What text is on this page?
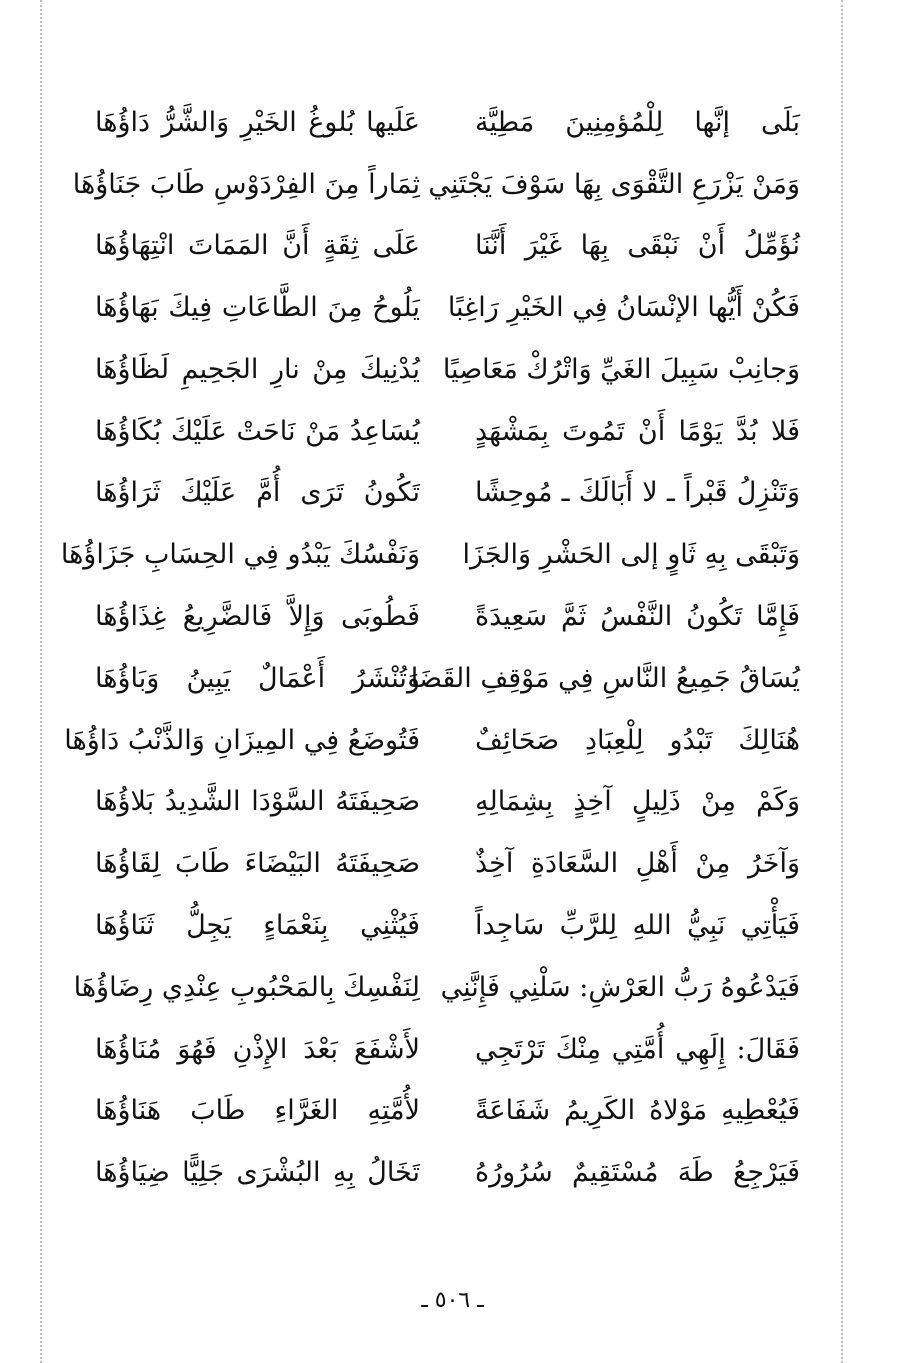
بَلَى إنَّها لِلْمُؤمِنِينَ مَطِيَّة
عَلَيها بُلوغُ الخَيْرِ وَالشَّرُّ دَاؤُهَا
وَمَنْ يَزْرَعِ التَّقْوَى بِهَا سَوْفَ يَجْتَنِي
ثِمَاراً مِنَ الفِرْدَوْسِ طَابَ جَنَاؤُهَا
نُؤَمِّلُ أَنْ نَبْقَى بِهَا غَيْرَ أَنَّنَا
عَلَى ثِقَةٍ أَنَّ المَمَاتَ انْتِهَاؤُهَا
فَكُنْ أَيُّها الإنْسَانُ فِي الخَيْرِ رَاغِبًا
يَلُوحُ مِنَ الطَّاعَاتِ فِيكَ بَهَاؤُهَا
وَجانِبْ سَبِيلَ الغَيِّ وَاتْرُكْ مَعَاصِيًا
يُدْنِيكَ مِنْ نارِ الجَحِيمِ لَظَاؤُهَا
فَلا بُدَّ يَوْمًا أَنْ تَمُوتَ بِمَشْهَدٍ
يُسَاعِدُ مَنْ نَاحَتْ عَلَيْكَ بُكَاؤُهَا
وَتَنْزِلُ قَبْراً ـ لا أَبَالَكَ ـ مُوحِشًا
تَكُونُ تَرَى أُمَّ عَلَيْكَ ثَرَاؤُهَا
وَتَبْقَى بِهِ ثَاوٍ إلى الحَشْرِ وَالجَزَا
وَنَفْسُكَ يَبْدُو فِي الحِسَابِ جَزَاؤُهَا
فَإِمَّا تَكُونُ النَّفْسُ ثَمَّ سَعِيدَةً
فَطُوبَى وَإِلاَّ فَالضَّرِيعُ غِذَاؤُهَا
يُسَاقُ جَمِيعُ النَّاسِ فِي مَوْقِفِ القَضَا
وَتُنْشَرُ أَعْمَالٌ يَبِينُ وَبَاؤُهَا
هُنَالِكَ تَبْدُو لِلْعِبَادِ صَحَائِفٌ
فَتُوضَعُ فِي المِيزَانِ وَالذَّنْبُ دَاؤُهَا
وَكَمْ مِنْ ذَلِيلٍ آخِذٍ بِشِمَالِهِ
صَحِيفَتَهُ السَّوْدَا الشَّدِيدُ بَلاؤُهَا
وَآخَرُ مِنْ أَهْلِ السَّعَادَةِ آخِذٌ
صَحِيفَتَهُ البَيْضَاءَ طَابَ لِقَاؤُهَا
فَيَأْتِي نَبِيُّ اللهِ لِلرَّبِّ سَاجِداً
فَيُثْنِي بِنَعْمَاءٍ يَجِلُّ ثَنَاؤُهَا
فَيَدْعُوهُ رَبُّ العَرْشِ: سَلْنِي فَإِنَّنِي
لِنَفْسِكَ بِالمَحْبُوبِ عِنْدِي رِضَاؤُهَا
فَقَالَ: إِلَهِي أُمَّتِي مِنْكَ تَرْتَجِي
لأَشْفَعَ بَعْدَ الإِذْنِ فَهُوَ مُنَاؤُهَا
فَيُعْطِيهِ مَوْلاهُ الكَرِيمُ شَفَاعَةً
لأُمَّتِهِ الغَرَّاءِ طَابَ هَنَاؤُهَا
فَيَرْجِعُ طَهَ مُسْتَقِيمٌ سُرُورُهُ
تَخَالُ بِهِ البُشْرَى جَلِيًّا ضِيَاؤُهَا
ـ ٥٠٦ ـ
